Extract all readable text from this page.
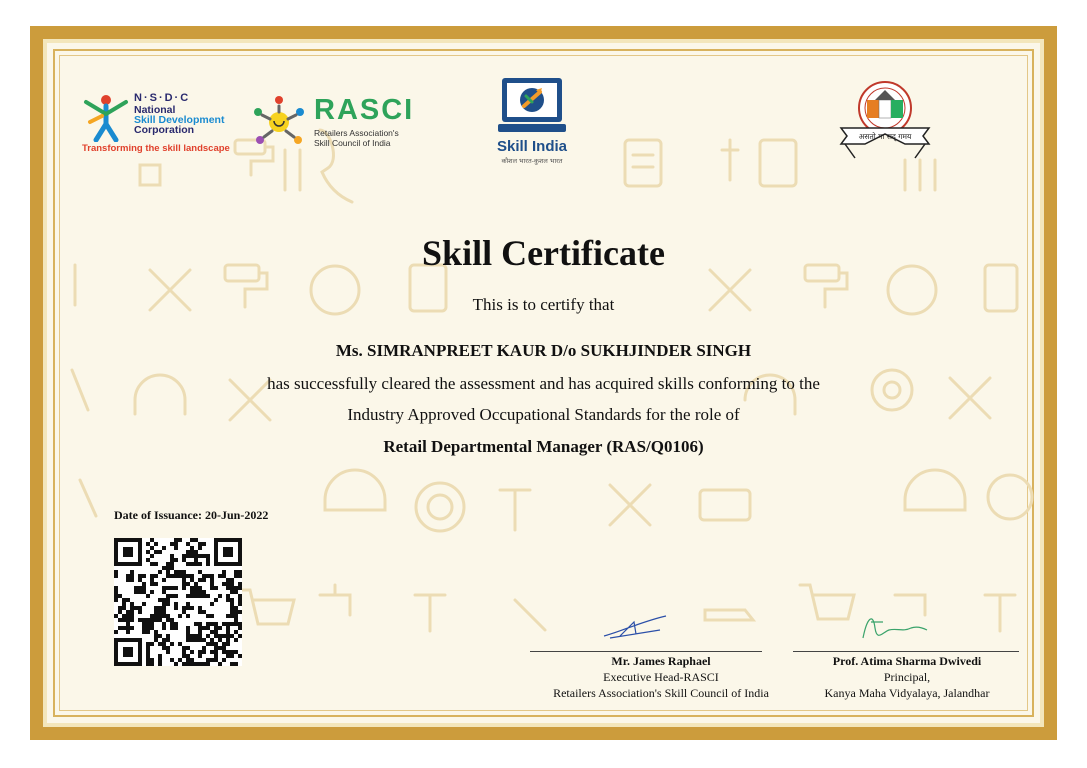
N·S·D·C
National
Skill Development
Corporation
Transforming the skill landscape
RASCI
Retailers Association's
Skill Council of India	Skill India
कौशल भारत-कुशल भारत
असतो मा सद् गमय
Skill Certificate
This is to certify that
Ms. SIMRANPREET KAUR D/o SUKHJINDER SINGH
has successfully cleared the assessment and has acquired skills conforming to the
Industry Approved Occupational Standards for the role of
Retail Departmental Manager (RAS/Q0106)
Date of Issuance: 20-Jun-2022
Mr. James Raphael
Executive Head-RASCI
Retailers Association's Skill Council of India
Prof. Atima Sharma Dwivedi
Principal,
Kanya Maha Vidyalaya, Jalandhar
